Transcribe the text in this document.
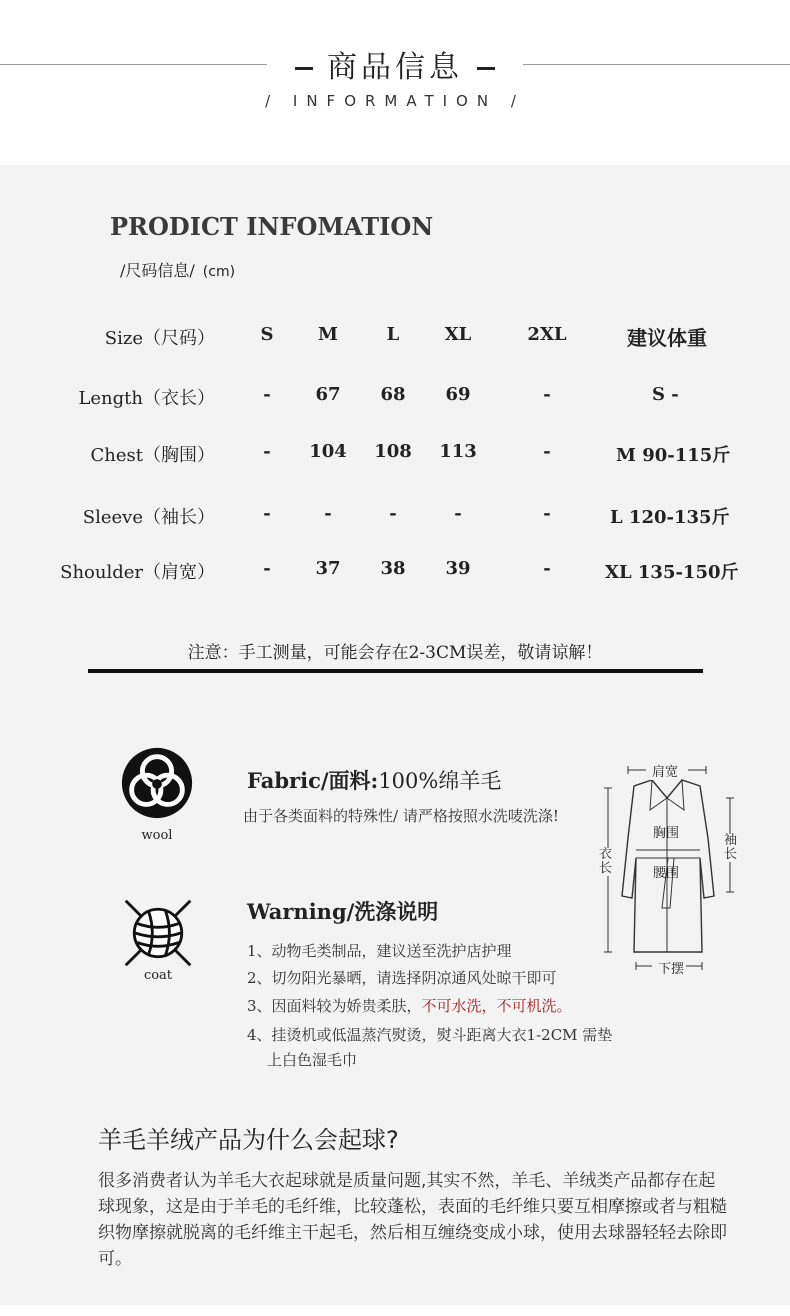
商品信息
/ INFORMATION /
PRODICT INFOMATION
/尺码信息/ (cm)
Size（尺码）	S	M	L	XL	2XL	建议体重
Length（衣长）	-	67	68	69	-	S -
Chest（胸围）	-	104	108	113	-	M 90-115斤
Sleeve（袖长）	-	-	-	-	-	L 120-135斤
Shoulder（肩宽）	-	37	38	39	-	XL 135-150斤
注意：手工测量，可能会存在2-3CM误差，敬请谅解！
wool
coat
Fabric/面料:100%绵羊毛
由于各类面料的特殊性/ 请严格按照水洗唛洗涤!
Warning/洗涤说明
1、动物毛类制品，建议送至洗护店护理
2、切勿阳光暴晒，请选择阴凉通风处晾干即可
3、因面料较为娇贵柔肤，不可水洗，不可机洗。
4、挂烫机或低温蒸汽熨烫，熨斗距离大衣1-2CM 需垫
上白色湿毛巾
肩宽
胸围
腰围
衣长
袖长
下摆
羊毛羊绒产品为什么会起球?
很多消费者认为羊毛大衣起球就是质量问题,其实不然，羊毛、羊绒类产品都存在起球现象，这是由于羊毛的毛纤维，比较蓬松，表面的毛纤维只要互相摩擦或者与粗糙织物摩擦就脱离的毛纤维主干起毛，然后相互缠绕变成小球，使用去球器轻轻去除即可。
